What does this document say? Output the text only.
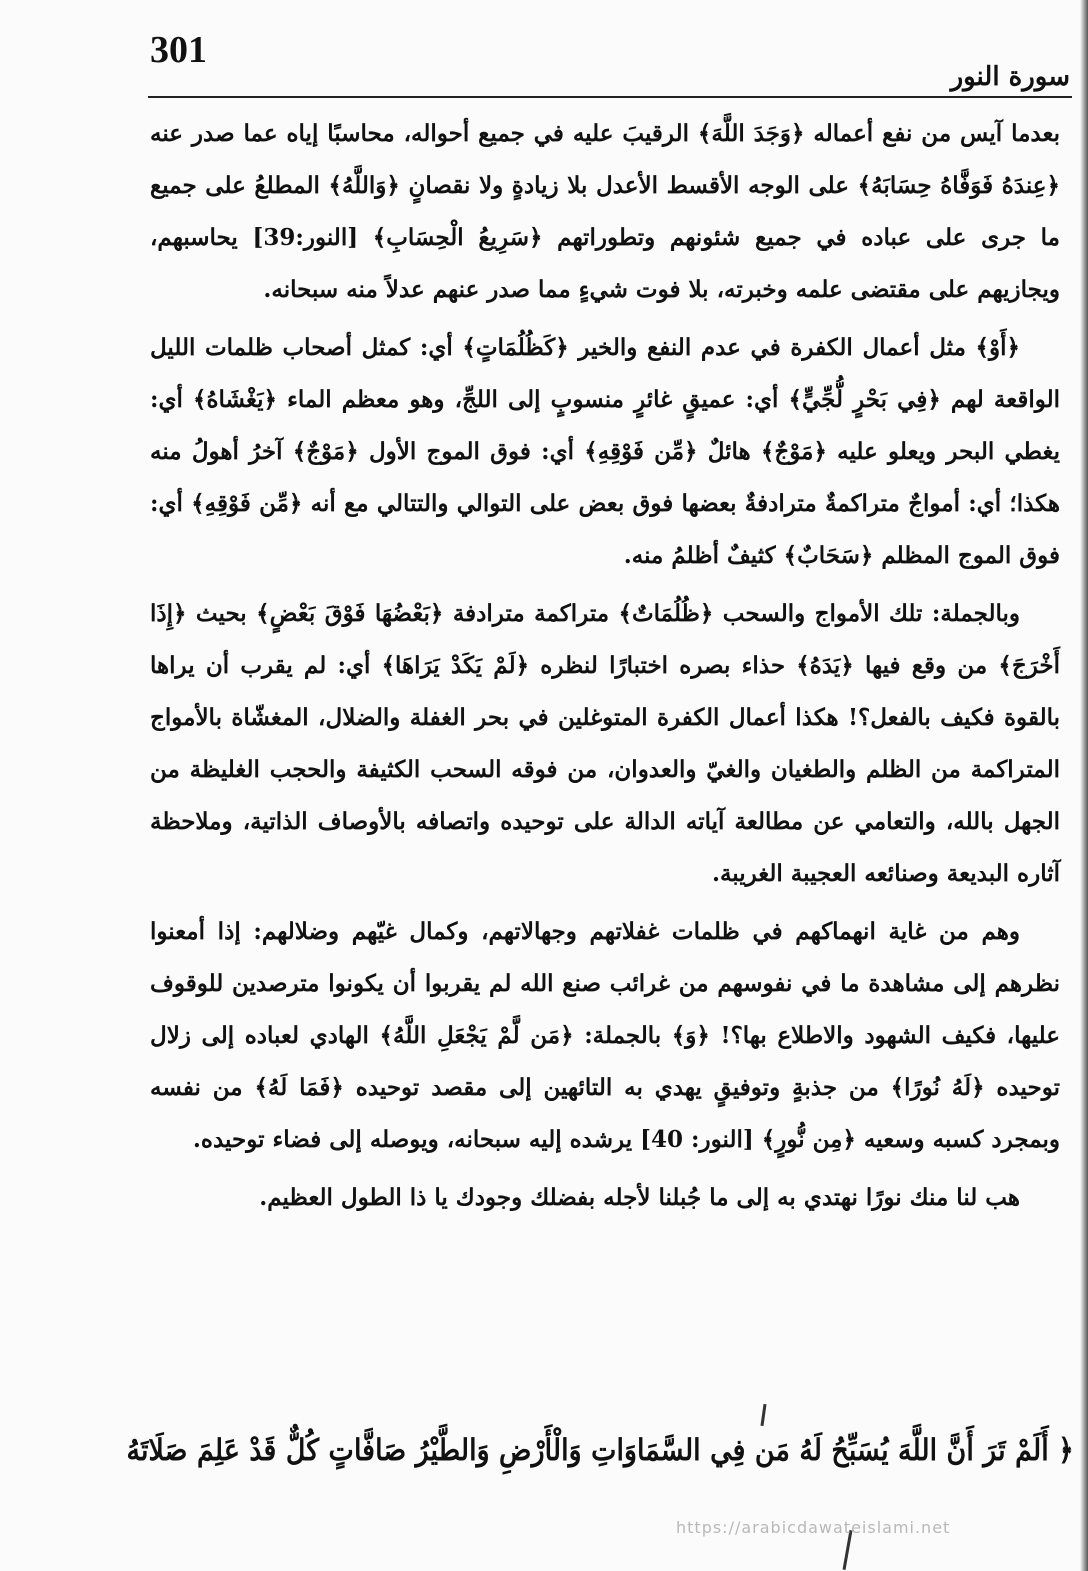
301
سورة النور

بعدما آيس من نفع أعماله ﴿وَجَدَ اللَّهَ﴾ الرقيبَ عليه في جميع أحواله، محاسبًا إياه عما صدر عنه ﴿عِندَهُ فَوَفَّاهُ حِسَابَهُ﴾ على الوجه الأقسط الأعدل بلا زيادةٍ ولا نقصانٍ ﴿وَاللَّهُ﴾ المطلعُ على جميع ما جرى على عباده في جميع شئونهم وتطوراتهم ﴿سَرِيعُ الْحِسَابِ﴾ [النور:39] يحاسبهم، ويجازيهم على مقتضى علمه وخبرته، بلا فوت شيءٍ مما صدر عنهم عدلاً منه سبحانه.

﴿أَوْ﴾ مثل أعمال الكفرة في عدم النفع والخير ﴿كَظُلُمَاتٍ﴾ أي: كمثل أصحاب ظلمات الليل الواقعة لهم ﴿فِي بَحْرٍ لُّجِّيٍّ﴾ أي: عميقٍ غائرٍ منسوبٍ إلى اللجِّ، وهو معظم الماء ﴿يَغْشَاهُ﴾ أي: يغطي البحر ويعلو عليه ﴿مَوْجٌ﴾ هائلٌ ﴿مِّن فَوْقِهِ﴾ أي: فوق الموج الأول ﴿مَوْجٌ﴾ آخرُ أهولُ منه هكذا؛ أي: أمواجٌ متراكمةٌ مترادفةٌ بعضها فوق بعض على التوالي والتتالي مع أنه ﴿مِّن فَوْقِهِ﴾ أي: فوق الموج المظلم ﴿سَحَابٌ﴾ كثيفٌ أظلمُ منه.

وبالجملة: تلك الأمواج والسحب ﴿ظُلُمَاتٌ﴾ متراكمة مترادفة ﴿بَعْضُهَا فَوْقَ بَعْضٍ﴾ بحيث ﴿إِذَا أَخْرَجَ﴾ من وقع فيها ﴿يَدَهُ﴾ حذاء بصره اختبارًا لنظره ﴿لَمْ يَكَدْ يَرَاهَا﴾ أي: لم يقرب أن يراها بالقوة فكيف بالفعل؟! هكذا أعمال الكفرة المتوغلين في بحر الغفلة والضلال، المغشّاة بالأمواج المتراكمة من الظلم والطغيان والغيّ والعدوان، من فوقه السحب الكثيفة والحجب الغليظة من الجهل بالله، والتعامي عن مطالعة آياته الدالة على توحيده واتصافه بالأوصاف الذاتية، وملاحظة آثاره البديعة وصنائعه العجيبة الغريبة.

وهم من غاية انهماكهم في ظلمات غفلاتهم وجهالاتهم، وكمال غيّهم وضلالهم: إذا أمعنوا نظرهم إلى مشاهدة ما في نفوسهم من غرائب صنع الله لم يقربوا أن يكونوا مترصدين للوقوف عليها، فكيف الشهود والاطلاع بها؟! ﴿وَ﴾ بالجملة: ﴿مَن لَّمْ يَجْعَلِ اللَّهُ﴾ الهادي لعباده إلى زلال توحيده ﴿لَهُ نُورًا﴾ من جذبةٍ وتوفيقٍ يهدي به التائهين إلى مقصد توحيده ﴿فَمَا لَهُ﴾ من نفسه وبمجرد كسبه وسعيه ﴿مِن نُّورٍ﴾ [النور: 40] يرشده إليه سبحانه، ويوصله إلى فضاء توحيده.

هب لنا منك نورًا نهتدي به إلى ما جُبلنا لأجله بفضلك وجودك يا ذا الطول العظيم.

﴿ أَلَمْ تَرَ أَنَّ اللَّهَ يُسَبِّحُ لَهُ مَن فِي السَّمَاوَاتِ وَالْأَرْضِ وَالطَّيْرُ صَافَّاتٍ كُلٌّ قَدْ عَلِمَ صَلَاتَهُ
https://arabicdawateislami.net
